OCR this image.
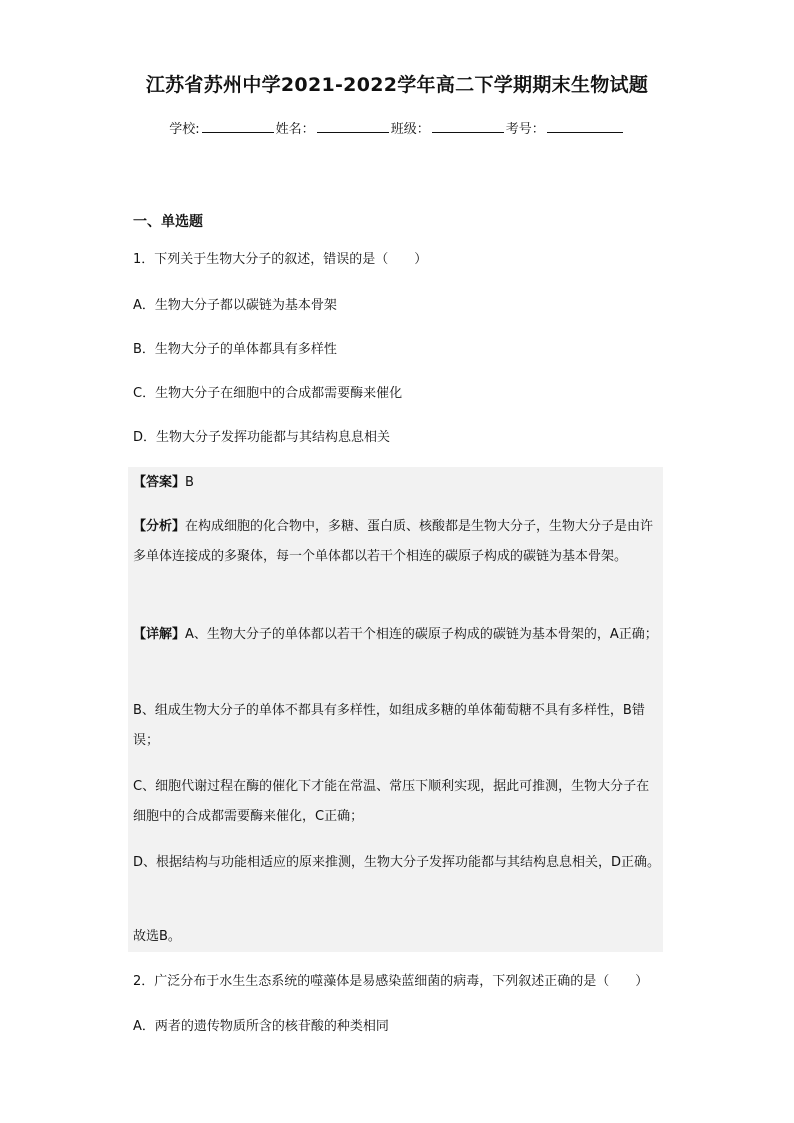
江苏省苏州中学2021-2022学年高二下学期期末生物试题
学校:	姓名：	班级：	考号：
一、单选题
1．下列关于生物大分子的叙述，错误的是（　　）
A．生物大分子都以碳链为基本骨架
B．生物大分子的单体都具有多样性
C．生物大分子在细胞中的合成都需要酶来催化
D．生物大分子发挥功能都与其结构息息相关
【答案】B
【分析】在构成细胞的化合物中，多糖、蛋白质、核酸都是生物大分子，生物大分子是由许多单体连接成的多聚体，每一个单体都以若干个相连的碳原子构成的碳链为基本骨架。
【详解】A、生物大分子的单体都以若干个相连的碳原子构成的碳链为基本骨架的，A正确；
B、组成生物大分子的单体不都具有多样性，如组成多糖的单体葡萄糖不具有多样性，B错误；
C、细胞代谢过程在酶的催化下才能在常温、常压下顺利实现，据此可推测，生物大分子在细胞中的合成都需要酶来催化，C正确；
D、根据结构与功能相适应的原来推测，生物大分子发挥功能都与其结构息息相关，D正确。
故选B。
2．广泛分布于水生生态系统的噬藻体是易感染蓝细菌的病毒，下列叙述正确的是（　　）
A．两者的遗传物质所含的核苷酸的种类相同
